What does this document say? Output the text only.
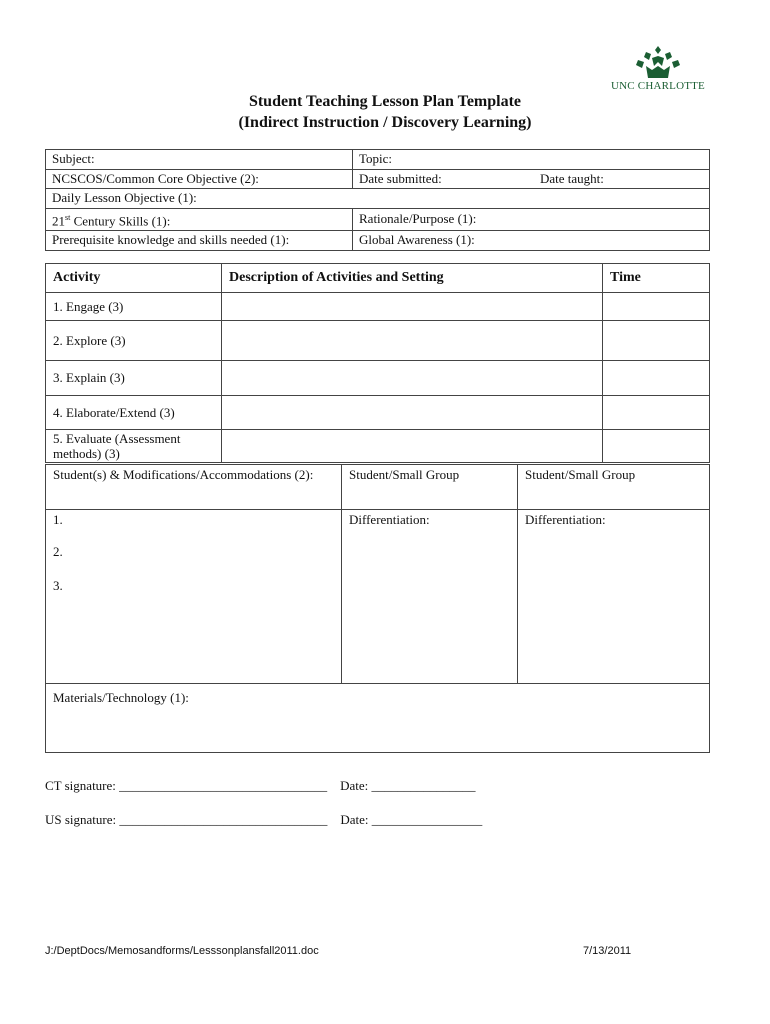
UNC CHARLOTTE
Student Teaching Lesson Plan Template
(Indirect Instruction / Discovery Learning)
Subject:	Topic:
NCSCOS/Common Core Objective (2):	Date submitted: Date taught:
Daily Lesson Objective (1):	
21st Century Skills (1):	Rationale/Purpose (1):
Prerequisite knowledge and skills needed (1):	Global Awareness (1):
Activity	Description of Activities and Setting	Time
1. Engage (3)		
2. Explore (3)		
3. Explain (3)		
4. Elaborate/Extend (3)		
5. Evaluate (Assessment methods) (3)		
Student(s) & Modifications/Accommodations (2):	Student/Small Group	Student/Small Group

1.
2.
3.	Differentiation:	Differentiation:
Materials/Technology (1):		
CT signature: ________________________________    Date: ________________
US signature: ________________________________    Date: _________________
J:/DeptDocs/Memosandforms/Lesssonplansfall2011.doc	7/13/2011
